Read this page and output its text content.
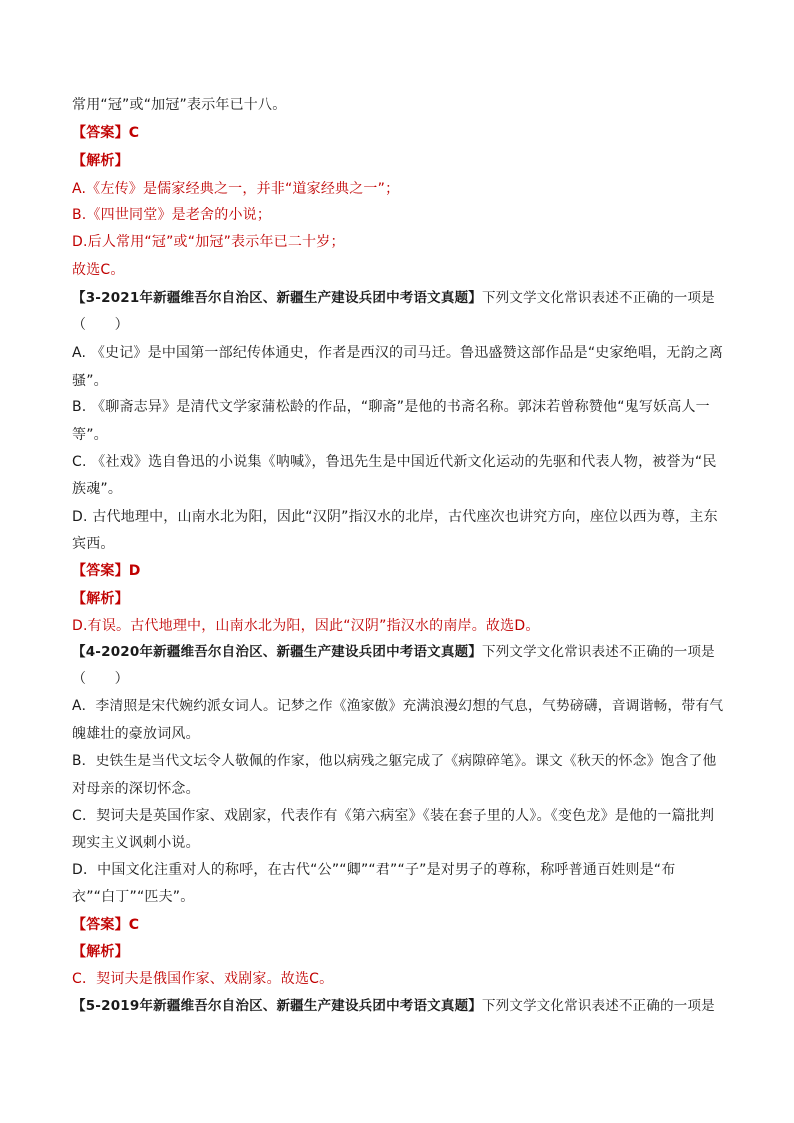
常用“冠”或“加冠”表示年已十八。
【答案】C
【解析】
A.《左传》是儒家经典之一，并非“道家经典之一”；
B.《四世同堂》是老舍的小说；
D.后人常用“冠”或“加冠”表示年已二十岁；
故选C。
【3-2021年新疆维吾尔自治区、新疆生产建设兵团中考语文真题】下列文学文化常识表述不正确的一项是
（　　）
A. 《史记》是中国第一部纪传体通史，作者是西汉的司马迁。鲁迅盛赞这部作品是“史家绝唱，无韵之离
骚”。
B. 《聊斋志异》是清代文学家蒲松龄的作品，“聊斋”是他的书斋名称。郭沫若曾称赞他“鬼写妖高人一
等”。
C. 《社戏》选自鲁迅的小说集《呐喊》，鲁迅先生是中国近代新文化运动的先驱和代表人物，被誉为“民
族魂”。
D. 古代地理中，山南水北为阳，因此“汉阴”指汉水的北岸，古代座次也讲究方向，座位以西为尊，主东
宾西。
【答案】D
【解析】
D.有误。古代地理中，山南水北为阳，因此“汉阴”指汉水的南岸。故选D。
【4-2020年新疆维吾尔自治区、新疆生产建设兵团中考语文真题】下列文学文化常识表述不正确的一项是
（　　）
A．李清照是宋代婉约派女词人。记梦之作《渔家傲》充满浪漫幻想的气息，气势磅礴，音调谐畅，带有气
魄雄壮的豪放词风。
B．史铁生是当代文坛令人敬佩的作家，他以病残之躯完成了《病隙碎笔》。课文《秋天的怀念》饱含了他
对母亲的深切怀念。
C．契诃夫是英国作家、戏剧家，代表作有《第六病室》《装在套子里的人》。《变色龙》是他的一篇批判
现实主义讽刺小说。
D．中国文化注重对人的称呼，在古代“公”“卿”“君”“子”是对男子的尊称，称呼普通百姓则是“布
衣”“白丁”“匹夫”。
【答案】C
【解析】
C．契诃夫是俄国作家、戏剧家。故选C。
【5-2019年新疆维吾尔自治区、新疆生产建设兵团中考语文真题】下列文学文化常识表述不正确的一项是
